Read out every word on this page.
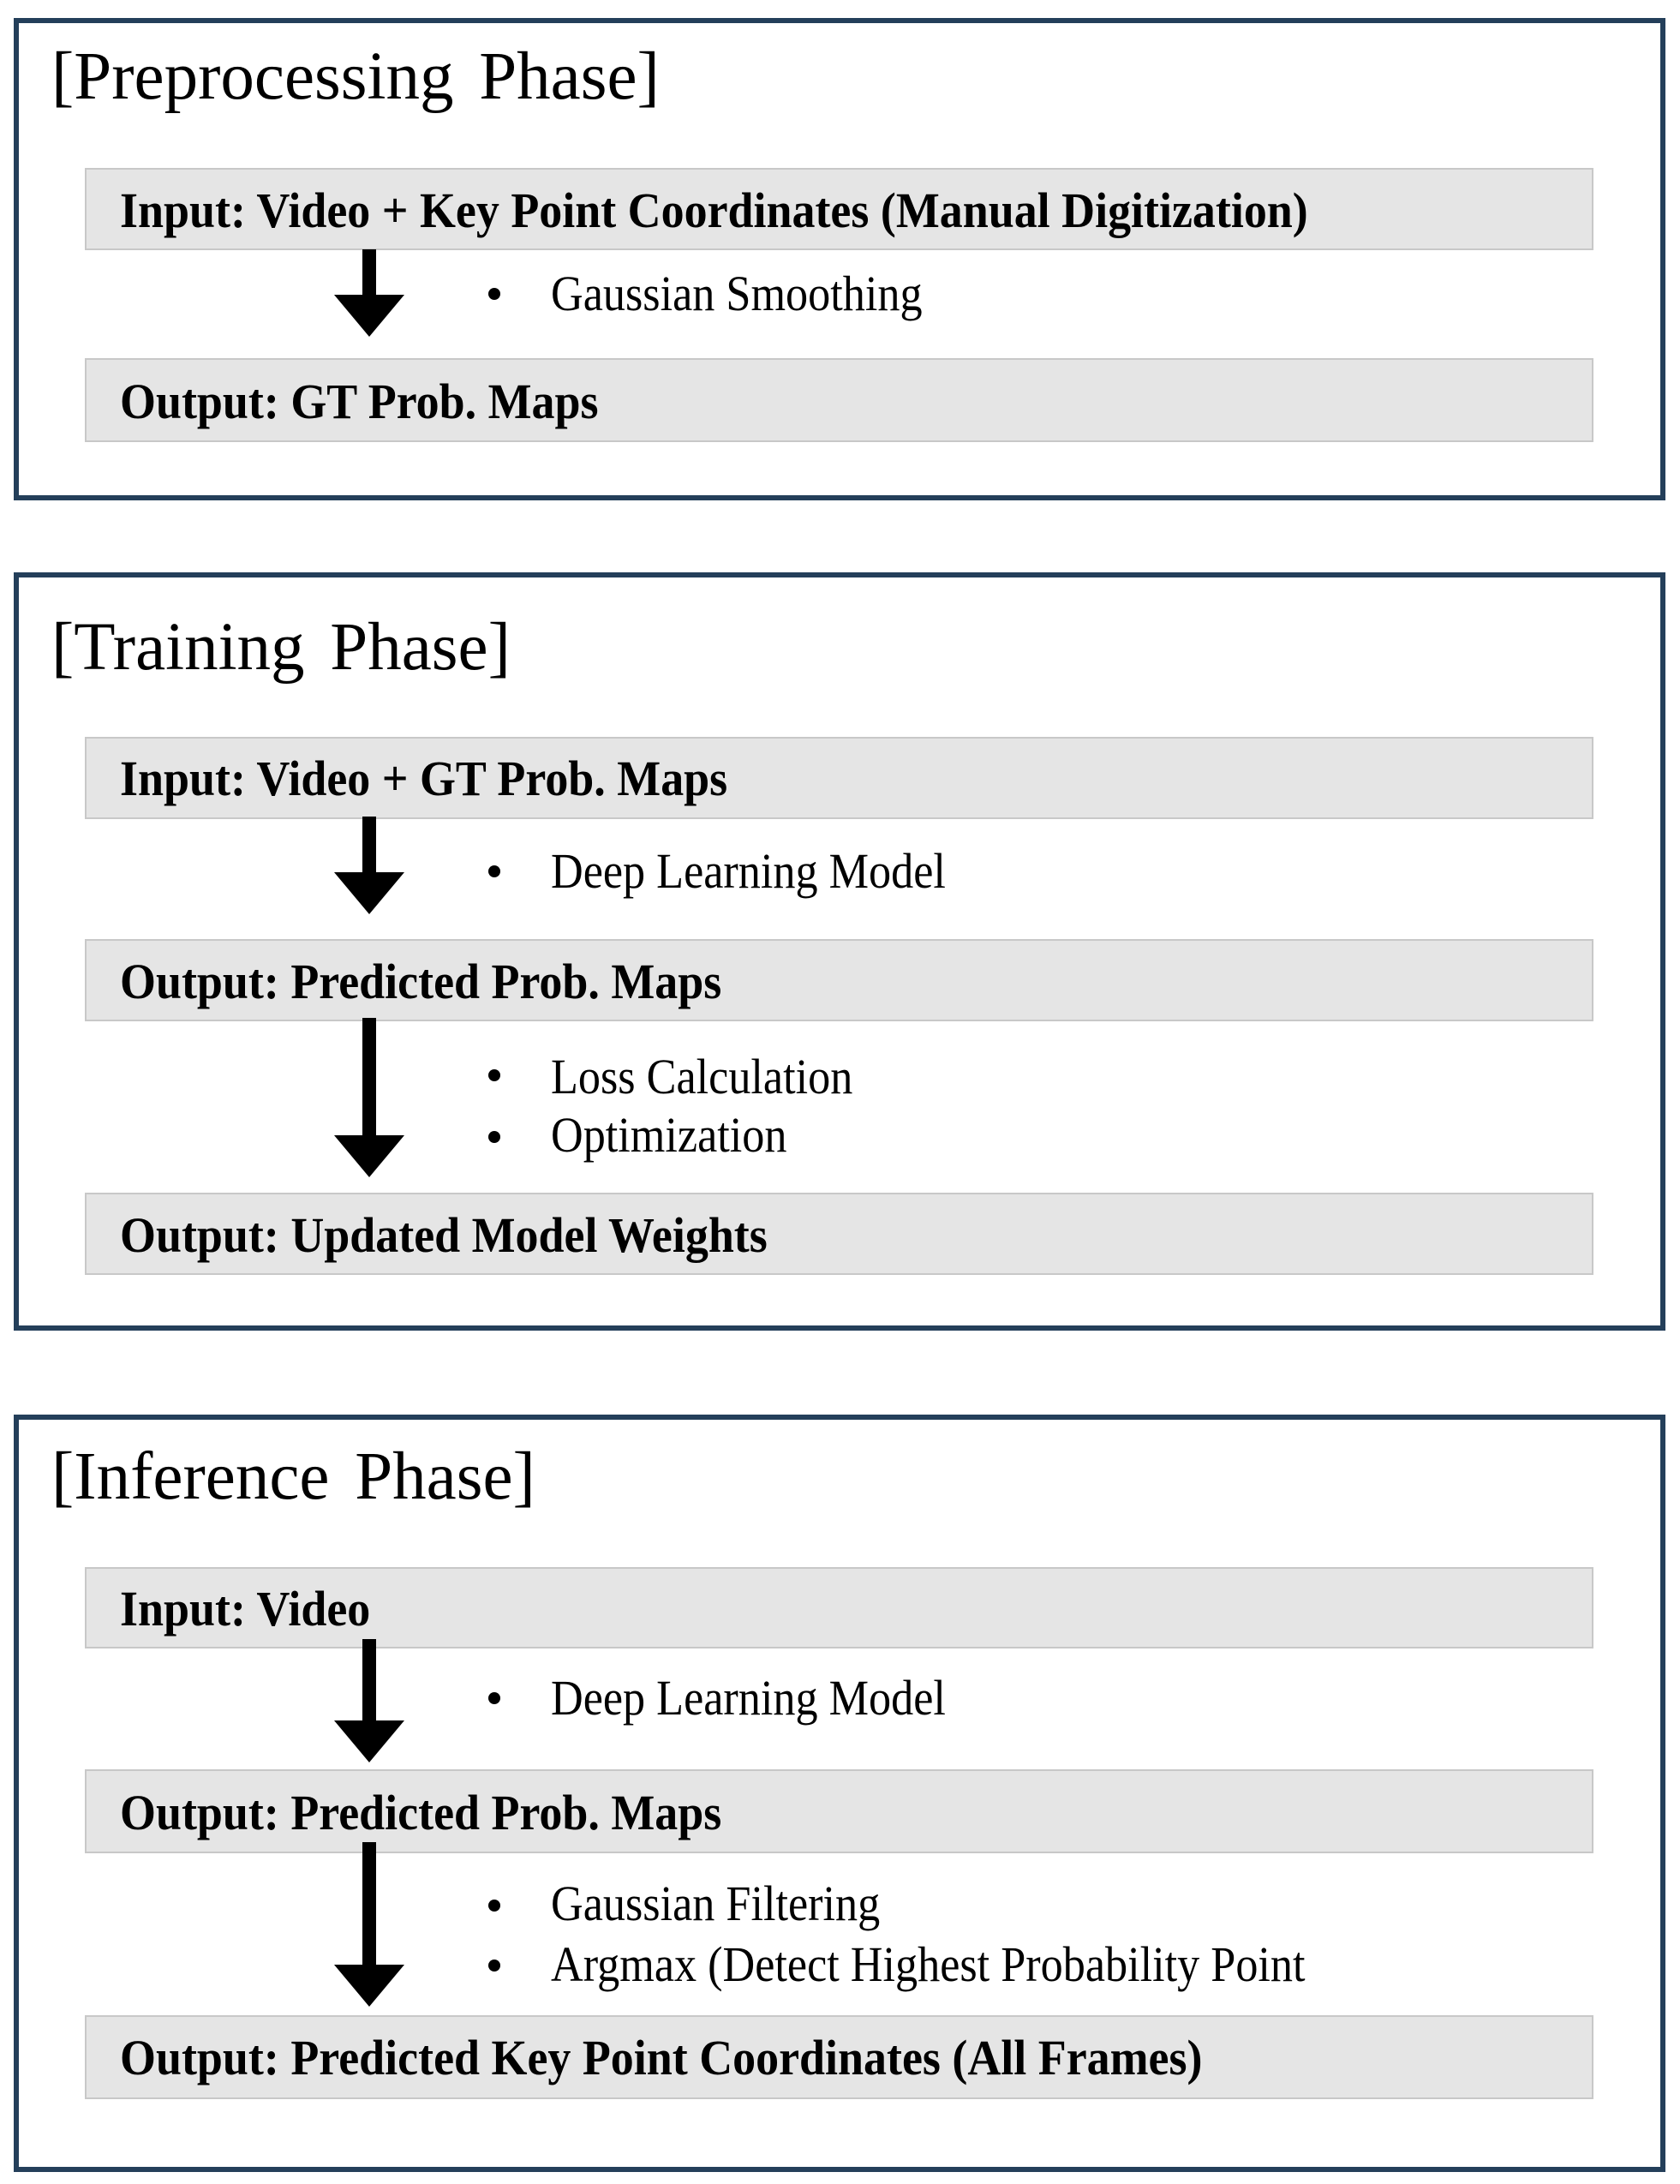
[Preprocessing Phase]
Input: Video + Key Point Coordinates (Manual Digitization)
Gaussian Smoothing
Output: GT Prob. Maps
[Training Phase]
Input: Video + GT Prob. Maps
Deep Learning Model
Output: Predicted Prob. Maps
Loss Calculation
Optimization
Output: Updated Model Weights
[Inference Phase]
Input: Video
Deep Learning Model
Output: Predicted Prob. Maps
Gaussian Filtering
Argmax (Detect Highest Probability Point
Output: Predicted Key Point Coordinates (All Frames)
